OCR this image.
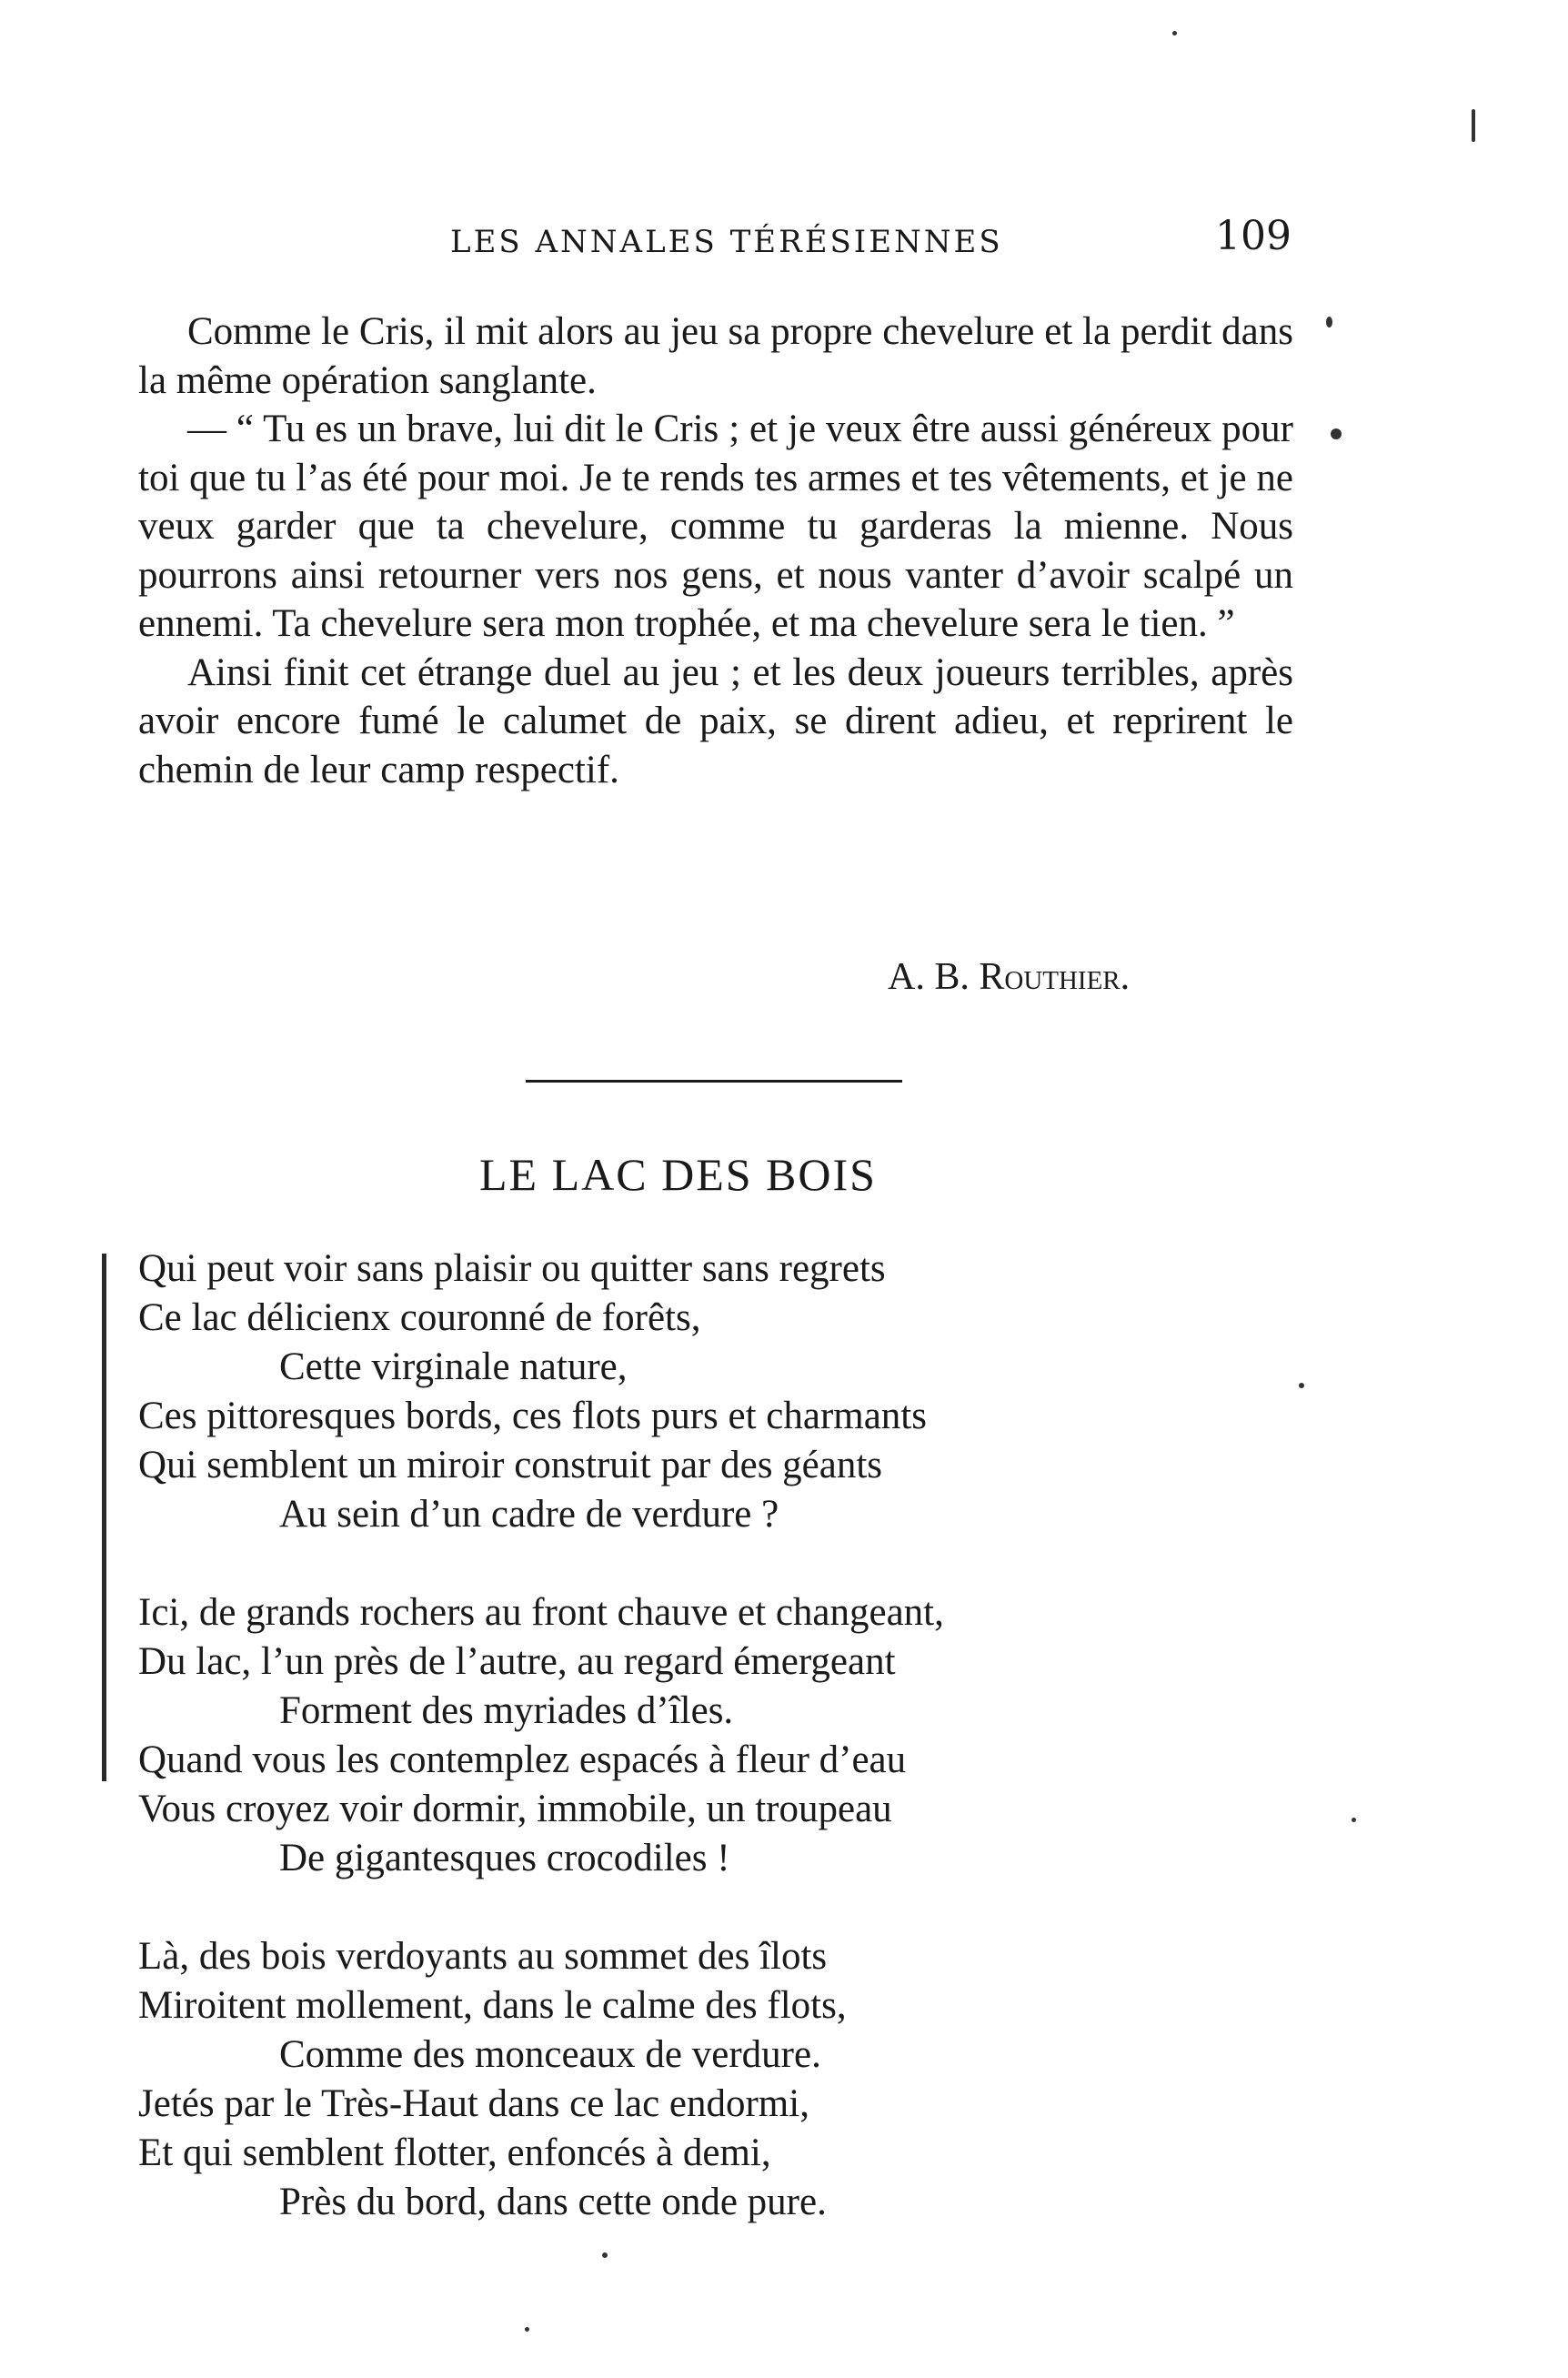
LES ANNALES TÉRÉSIENNES	109

Comme le Cris, il mit alors au jeu sa propre chevelure et la perdit dans la même opération sanglante.

— “ Tu es un brave, lui dit le Cris ; et je veux être aussi généreux pour toi que tu l’as été pour moi. Je te rends tes armes et tes vêtements, et je ne veux garder que ta chevelure, comme tu garderas la mienne. Nous pourrons ainsi retourner vers nos gens, et nous vanter d’avoir scalpé un ennemi. Ta chevelure sera mon trophée, et ma chevelure sera le tien. ”

Ainsi finit cet étrange duel au jeu ; et les deux joueurs terribles, après avoir encore fumé le calumet de paix, se dirent adieu, et reprirent le chemin de leur camp respectif.

A. B. Routhier.
LE LAC DES BOIS
Qui peut voir sans plaisir ou quitter sans regrets
Ce lac délicienx couronné de forêts,
Cette virginale nature,
Ces pittoresques bords, ces flots purs et charmants
Qui semblent un miroir construit par des géants
Au sein d’un cadre de verdure ?
Ici, de grands rochers au front chauve et changeant,
Du lac, l’un près de l’autre, au regard émergeant
Forment des myriades d’îles.
Quand vous les contemplez espacés à fleur d’eau
Vous croyez voir dormir, immobile, un troupeau
De gigantesques crocodiles !
Là, des bois verdoyants au sommet des îlots
Miroitent mollement, dans le calme des flots,
Comme des monceaux de verdure.
Jetés par le Très-Haut dans ce lac endormi,
Et qui semblent flotter, enfoncés à demi,
Près du bord, dans cette onde pure.
